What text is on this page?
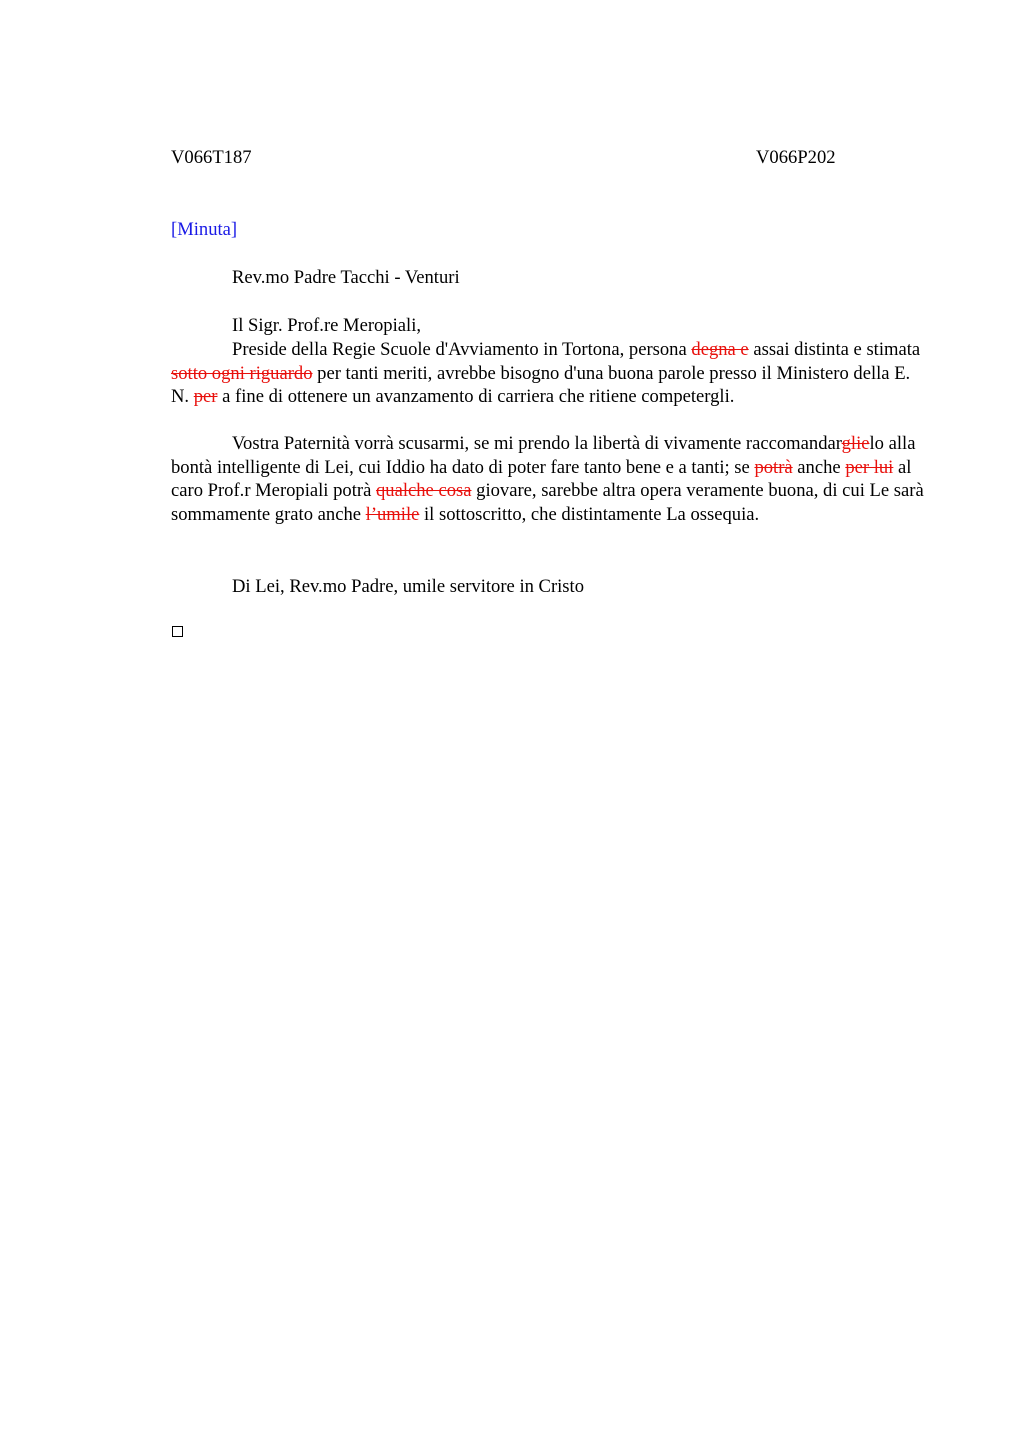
V066T187	V066P202
[Minuta]
Rev.mo Padre Tacchi - Venturi

Il Sigr. Prof.re Meropiali,

Preside della Regie Scuole d'Avviamento in Tortona, persona degna e assai distinta e stimata sotto ogni riguardo per tanti meriti, avrebbe bisogno d'una buona parole presso il Ministero della E. N. per a fine di ottenere un avanzamento di carriera che ritiene competergli.

Vostra Paternità vorrà scusarmi, se mi prendo la libertà di vivamente raccomandarglielo alla bontà intelligente di Lei, cui Iddio ha dato di poter fare tanto bene e a tanti; se potrà anche per lui al caro Prof.r Meropiali potrà qualche cosa giovare, sarebbe altra opera veramente buona, di cui Le sarà sommamente grato anche l’umile il sottoscritto, che distintamente La ossequia.

Di Lei, Rev.mo Padre, umile servitore in Cristo
